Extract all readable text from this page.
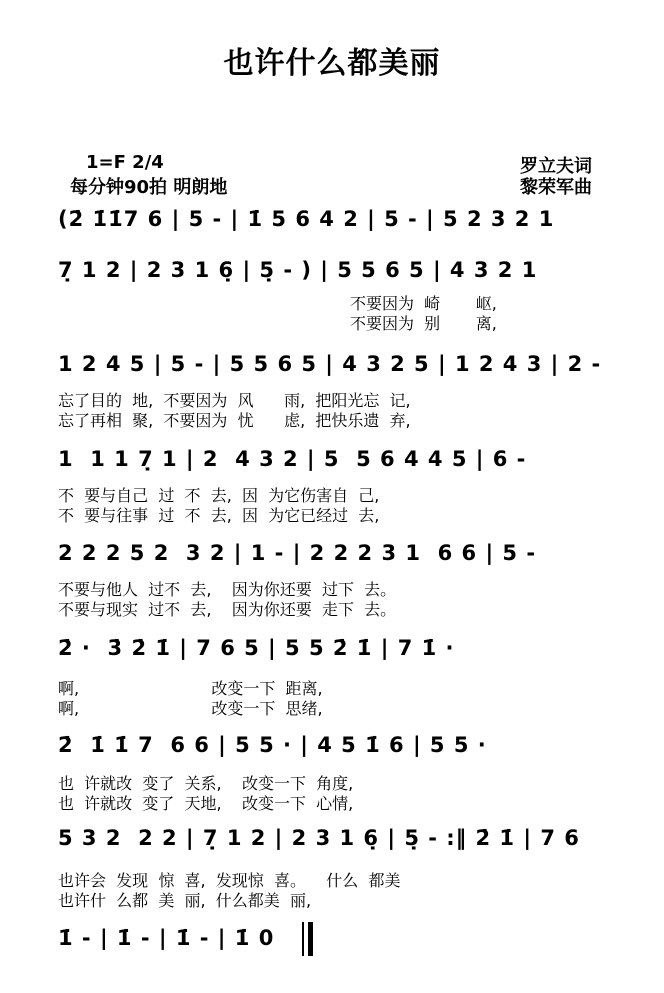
也许什么都美丽
1=F 2/4
每分钟90拍 明朗地
罗立夫词
黎荣军曲
(2̇ 1̇1̇7 6 | 5 - | 1̇ 5 6 4 2 | 5 - | 5 2 3 2 1
7̣ 1 2 | 2 3 1 6̣ | 5̣ - ) | 5 5 6 5 | 4 3 2 1
不要因为  崎       岖,
不要因为  别       离,
1 2 4 5 | 5 - | 5 5 6 5 | 4 3 2 5 | 1 2 4 3 | 2 -
忘了目的  地,  不要因为  风      雨,  把阳光忘  记,
忘了再相  聚,  不要因为  忧      虑,  把快乐遗  弃,
1  1 1 7̣ 1 | 2  4 3 2 | 5  5 6 4 4 5 | 6 -
不  要与自己  过  不  去,  因  为它伤害自  己,
不  要与往事  过  不  去,  因  为它已经过  去,
2 2 2 5 2  3 2 | 1 - | 2 2 2 3 1  6 6 | 5 -
不要与他人  过不  去,    因为你还要  过下  去。
不要与现实  过不  去,    因为你还要  走下  去。
2̇ ·  3̇ 2̇ 1̇ | 7 6 5 | 5 5 2̇ 1̇ | 7 1̇ ·
啊,                          改变一下  距离,
啊,                          改变一下  思绪,
2̇  1̇ 1̇ 7  6 6 | 5 5 · | 4 5 1̇ 6 | 5 5 ·
也  许就改  变了  关系,    改变一下  角度,
也  许就改  变了  天地,    改变一下  心情,
5 3 2  2 2 | 7̣ 1 2 | 2 3 1 6̣ | 5̣ - :‖ 2̇ 1̇ | 7 6
也许会  发现  惊  喜,  发现惊  喜。    什么  都美
也许什  么都  美  丽,  什么都美  丽,
1̇ - | 1̇ - | 1̇ - | 1̇ 0
